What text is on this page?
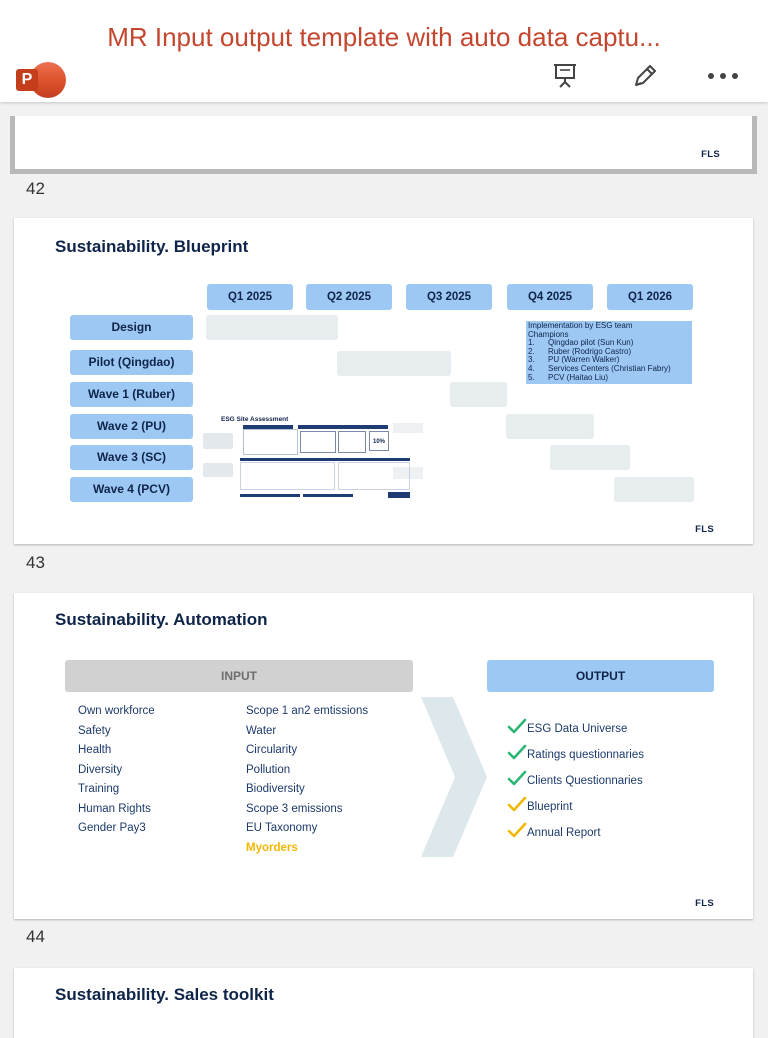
MR Input output template with auto data captu...
P
FLS
42
Sustainability. Blueprint
Q1 2025	Q2 2025	Q3 2025	Q4 2025	Q1 2026
Design
Pilot (Qingdao)
Wave 1 (Ruber)
Wave 2 (PU)
Wave 3 (SC)
Wave 4 (PCV)
Implementation by ESG team
Champions
1.	Qingdao pilot (Sun Kun)
2.	Ruber (Rodrigo Castro)
3.	PU (Warren Walker)
4.	Services Centers (Christian Fabry)
5.	PCV (Haitao Liu)
ESG Site Assessment
10%
FLS
43
Sustainability. Automation
INPUT	OUTPUT
Own workforce
Safety
Health
Diversity
Training
Human Rights
Gender Pay3
Scope 1 an2 emtissions
Water
Circularity
Pollution
Biodiversity
Scope 3 emissions
EU Taxonomy
Myorders
ESG Data Universe
Ratings questionnaries
Clients Questionnaries
Blueprint
Annual Report
FLS
44
Sustainability. Sales toolkit
